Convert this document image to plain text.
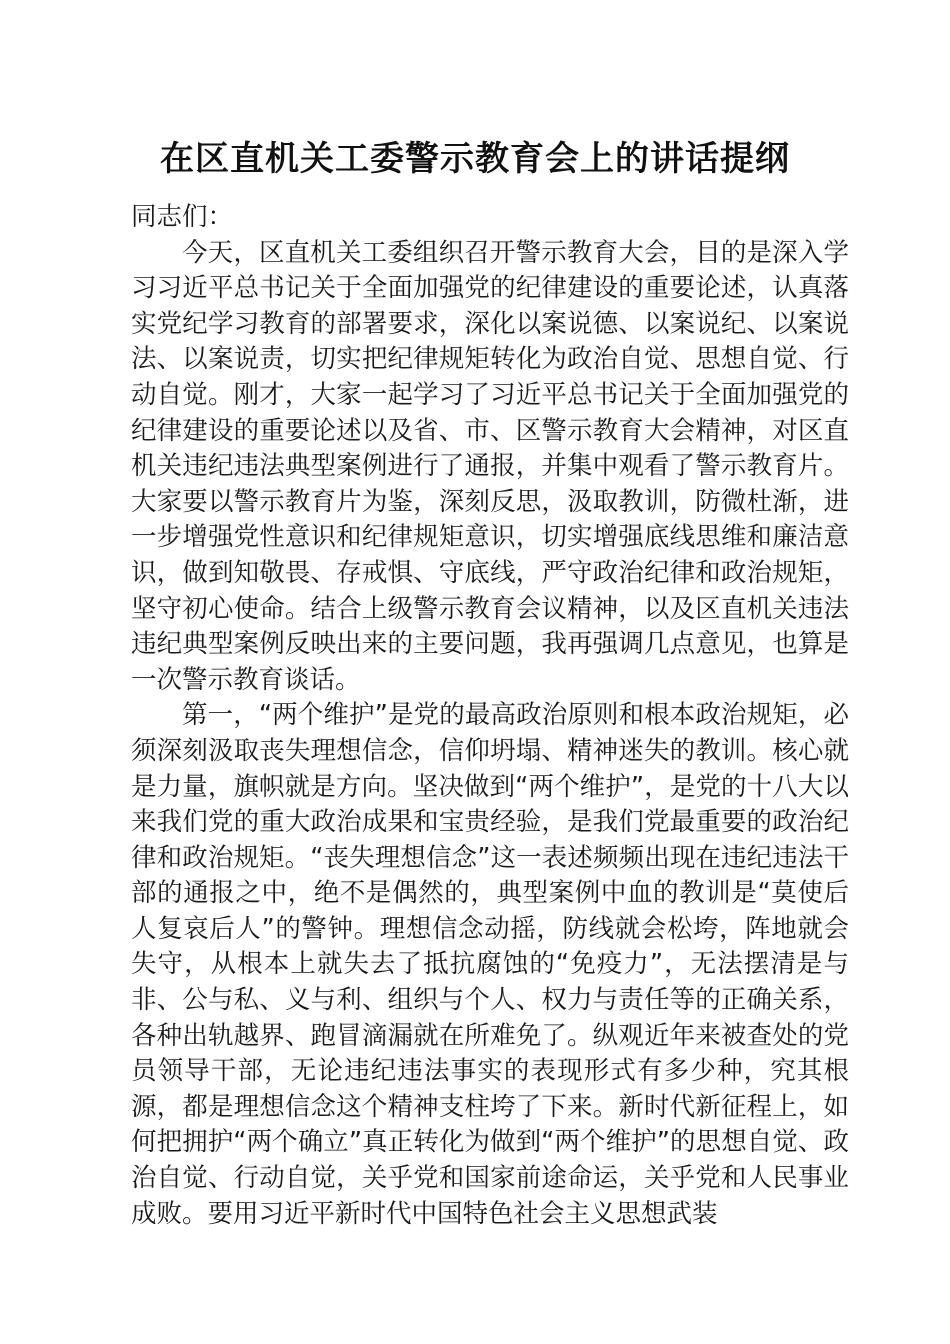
在区直机关工委警示教育会上的讲话提纲

同志们：

今天，区直机关工委组织召开警示教育大会，目的是深入学习习近平总书记关于全面加强党的纪律建设的重要论述，认真落实党纪学习教育的部署要求，深化以案说德、以案说纪、以案说法、以案说责，切实把纪律规矩转化为政治自觉、思想自觉、行动自觉。刚才，大家一起学习了习近平总书记关于全面加强党的纪律建设的重要论述以及省、市、区警示教育大会精神，对区直机关违纪违法典型案例进行了通报，并集中观看了警示教育片。大家要以警示教育片为鉴，深刻反思，汲取教训，防微杜渐，进一步增强党性意识和纪律规矩意识，切实增强底线思维和廉洁意识，做到知敬畏、存戒惧、守底线，严守政治纪律和政治规矩，坚守初心使命。结合上级警示教育会议精神，以及区直机关违法违纪典型案例反映出来的主要问题，我再强调几点意见，也算是一次警示教育谈话。

第一，“两个维护”是党的最高政治原则和根本政治规矩，必须深刻汲取丧失理想信念，信仰坍塌、精神迷失的教训。核心就是力量，旗帜就是方向。坚决做到“两个维护”，是党的十八大以来我们党的重大政治成果和宝贵经验，是我们党最重要的政治纪律和政治规矩。“丧失理想信念”这一表述频频出现在违纪违法干部的通报之中，绝不是偶然的，典型案例中血的教训是“莫使后人复哀后人”的警钟。理想信念动摇，防线就会松垮，阵地就会失守，从根本上就失去了抵抗腐蚀的“免疫力”，无法摆清是与非、公与私、义与利、组织与个人、权力与责任等的正确关系，各种出轨越界、跑冒滴漏就在所难免了。纵观近年来被查处的党员领导干部，无论违纪违法事实的表现形式有多少种，究其根源，都是理想信念这个精神支柱垮了下来。新时代新征程上，如何把拥护“两个确立”真正转化为做到“两个维护”的思想自觉、政治自觉、行动自觉，关乎党和国家前途命运，关乎党和人民事业成败。要用习近平新时代中国特色社会主义思想武装
